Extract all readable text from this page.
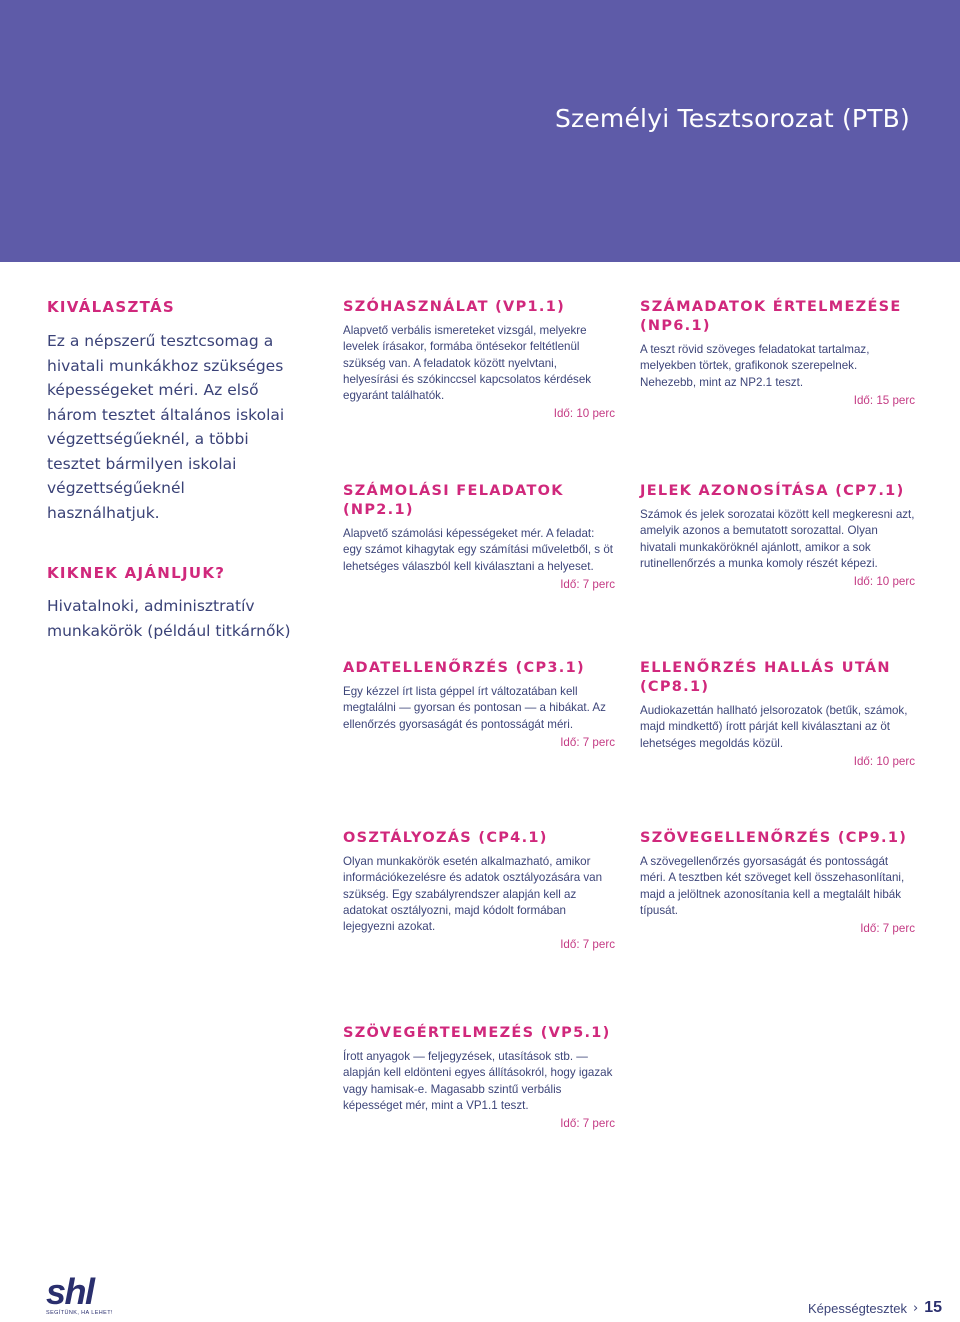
Személyi Tesztsorozat (PTB)
KIVÁLASZTÁS
Ez a népszerű tesztcsomag a hivatali munkákhoz szükséges képességeket méri. Az első három tesztet általános iskolai végzettségűeknél, a többi tesztet bármilyen iskolai végzettségűeknél használhatjuk.
KIKNEK AJÁNLJUK?
Hivatalnoki, adminisztratív munkakörök (például titkárnők)
SZÓHASZNÁLAT (VP1.1)
Alapvető verbális ismereteket vizsgál, melyekre levelek írásakor, formába öntésekor feltétlenül szükség van. A feladatok között nyelvtani, helyesírási és szókinccsel kapcsolatos kérdések egyaránt találhatók.
Idő: 10 perc
SZÁMADATOK ÉRTELMEZÉSE (NP6.1)
A teszt rövid szöveges feladatokat tartalmaz, melyekben törtek, grafikonok szerepelnek. Nehezebb, mint az NP2.1 teszt.
Idő: 15 perc
SZÁMOLÁSI FELADATOK (NP2.1)
Alapvető számolási képességeket mér. A feladat: egy számot kihagytak egy számítási műveletből, s öt lehetséges válaszból kell kiválasztani a helyeset.
Idő: 7 perc
JELEK AZONOSÍTÁSA (CP7.1)
Számok és jelek sorozatai között kell megkeresni azt, amelyik azonos a bemutatott sorozattal. Olyan hivatali munkaköröknél ajánlott, amikor a sok rutinellenőrzés a munka komoly részét képezi.
Idő: 10 perc
ADATELLENŐRZÉS (CP3.1)
Egy kézzel írt lista géppel írt változatában kell megtalálni — gyorsan és pontosan — a hibákat. Az ellenőrzés gyorsaságát és pontosságát méri.
Idő: 7 perc
ELLENŐRZÉS HALLÁS UTÁN (CP8.1)
Audiokazettán hallható jelsorozatok (betűk, számok, majd mindkettő) írott párját kell kiválasztani az öt lehetséges megoldás közül.
Idő: 10 perc
OSZTÁLYOZÁS (CP4.1)
Olyan munkakörök esetén alkalmazható, amikor információkezelésre és adatok osztályozására van szükség. Egy szabályrendszer alapján kell az adatokat osztályozni, majd kódolt formában lejegyezni azokat.
Idő: 7 perc
SZÖVEGELLENŐRZÉS (CP9.1)
A szövegellenőrzés gyorsaságát és pontosságát méri. A tesztben két szöveget kell összehasonlítani, majd a jelöltnek azonosítania kell a megtalált hibák típusát.
Idő: 7 perc
SZÖVEGÉRTELMEZÉS (VP5.1)
Írott anyagok — feljegyzések, utasítások stb. — alapján kell eldönteni egyes állításokról, hogy igazak vagy hamisak-e. Magasabb szintű verbális képességet mér, mint a VP1.1 teszt.
Idő: 7 perc
shl
SEGÍTÜNK, HA LEHET!	Képességtesztek › 15
